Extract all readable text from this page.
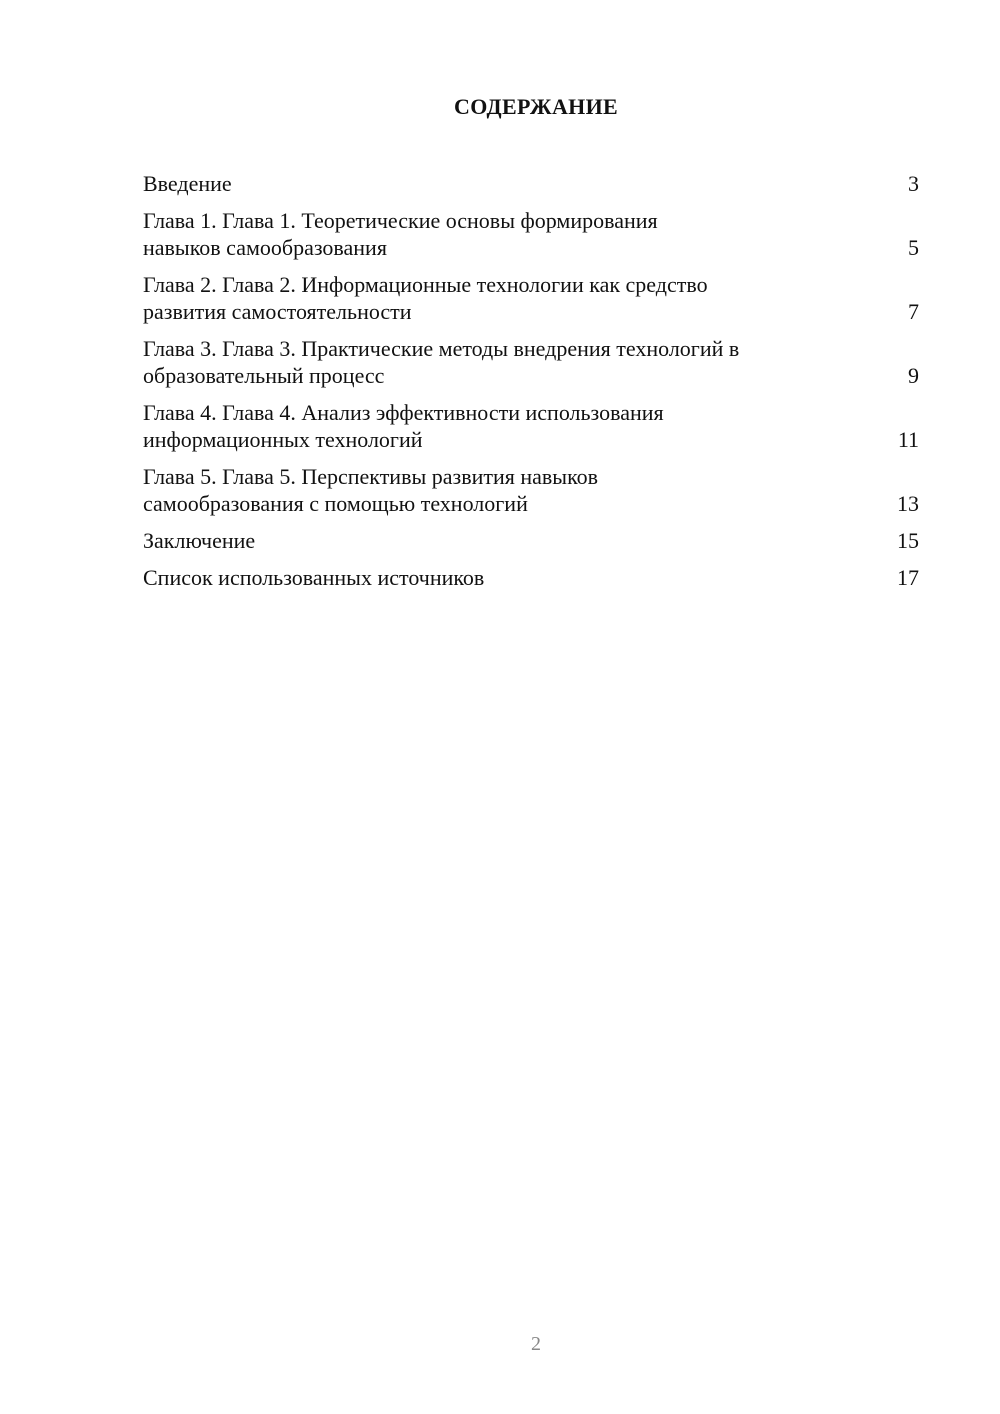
СОДЕРЖАНИЕ
Введение	3
Глава 1. Глава 1. Теоретические основы формирования
навыков самообразования	5
Глава 2. Глава 2. Информационные технологии как средство
развития самостоятельности	7
Глава 3. Глава 3. Практические методы внедрения технологий в
образовательный процесс	9
Глава 4. Глава 4. Анализ эффективности использования
информационных технологий	11
Глава 5. Глава 5. Перспективы развития навыков
самообразования с помощью технологий	13
Заключение	15
Список использованных источников	17
2
